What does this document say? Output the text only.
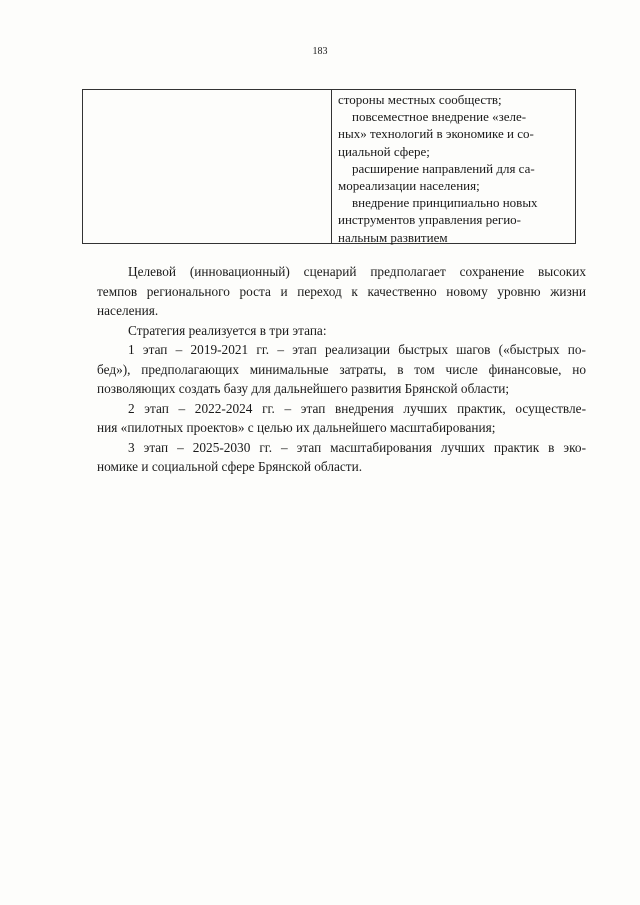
183
стороны местных сообществ;
повсеместное внедрение «зеле-
ных» технологий в экономике и со-
циальной сфере;
расширение направлений для са-
мореализации населения;
внедрение принципиально новых
инструментов управления регио-
нальным развитием
Целевой (инновационный) сценарий предполагает сохранение высоких
темпов регионального роста и переход к качественно новому уровню жизни
населения.
Стратегия реализуется в три этапа:
1 этап – 2019-2021 гг. – этап реализации быстрых шагов («быстрых по-
бед»), предполагающих минимальные затраты, в том числе финансовые, но
позволяющих создать базу для дальнейшего развития Брянской области;
2 этап – 2022-2024 гг. – этап внедрения лучших практик, осуществле-
ния «пилотных проектов» с целью их дальнейшего масштабирования;
3 этап – 2025-2030 гг. – этап масштабирования лучших практик в эко-
номике и социальной сфере Брянской области.
